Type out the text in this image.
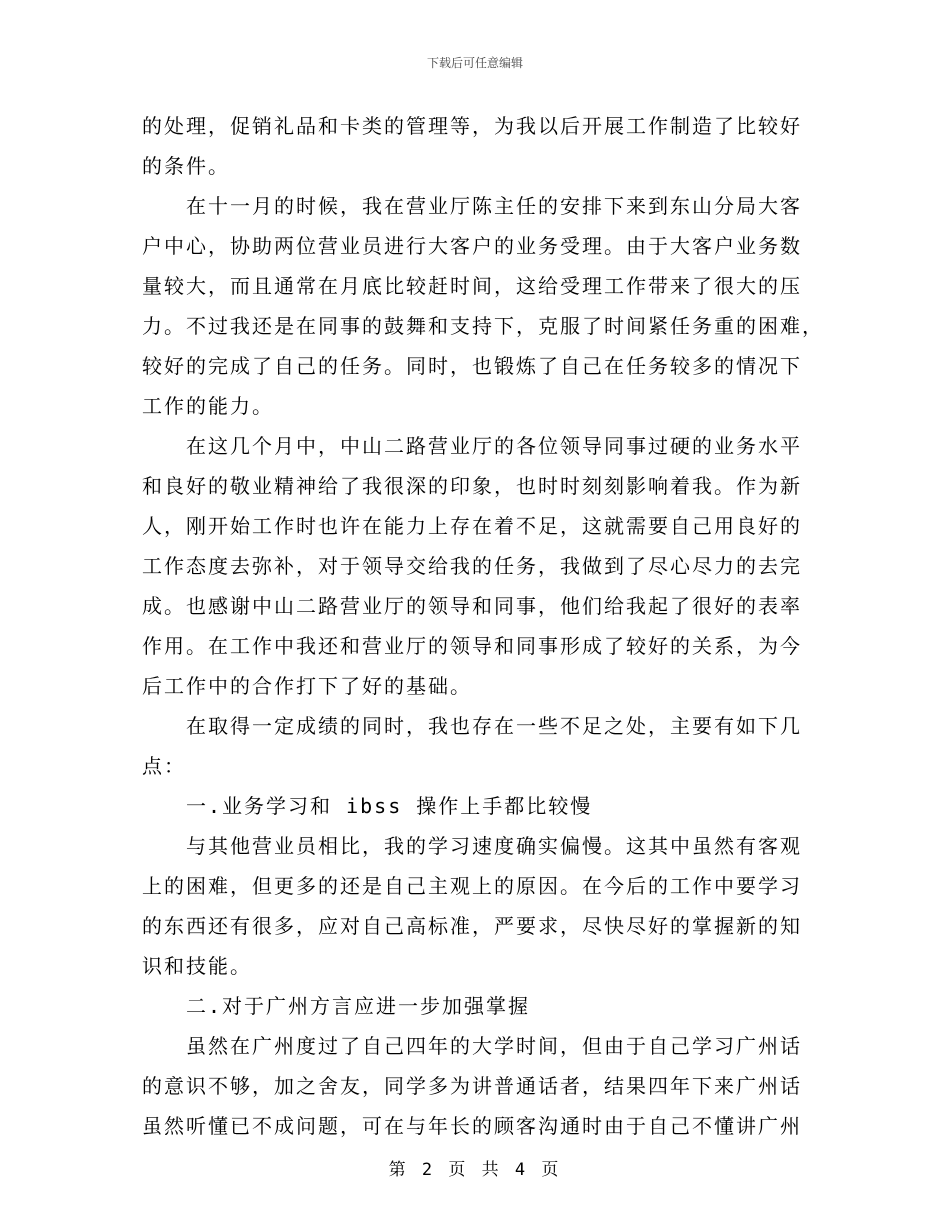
下载后可任意编辑
的处理，促销礼品和卡类的管理等，为我以后开展工作制造了比较好
的条件。
在十一月的时候，我在营业厅陈主任的安排下来到东山分局大客
户中心，协助两位营业员进行大客户的业务受理。由于大客户业务数
量较大，而且通常在月底比较赶时间，这给受理工作带来了很大的压
力。不过我还是在同事的鼓舞和支持下，克服了时间紧任务重的困难，
较好的完成了自己的任务。同时，也锻炼了自己在任务较多的情况下
工作的能力。
在这几个月中，中山二路营业厅的各位领导同事过硬的业务水平
和良好的敬业精神给了我很深的印象，也时时刻刻影响着我。作为新
人，刚开始工作时也许在能力上存在着不足，这就需要自己用良好的
工作态度去弥补，对于领导交给我的任务，我做到了尽心尽力的去完
成。也感谢中山二路营业厅的领导和同事，他们给我起了很好的表率
作用。在工作中我还和营业厅的领导和同事形成了较好的关系，为今
后工作中的合作打下了好的基础。
在取得一定成绩的同时，我也存在一些不足之处，主要有如下几
点：
一.业务学习和 ibss 操作上手都比较慢
与其他营业员相比，我的学习速度确实偏慢。这其中虽然有客观
上的困难，但更多的还是自己主观上的原因。在今后的工作中要学习
的东西还有很多，应对自己高标准，严要求，尽快尽好的掌握新的知
识和技能。
二.对于广州方言应进一步加强掌握
虽然在广州度过了自己四年的大学时间，但由于自己学习广州话
的意识不够，加之舍友，同学多为讲普通话者，结果四年下来广州话
虽然听懂已不成问题，可在与年长的顾客沟通时由于自己不懂讲广州
第 2 页 共 4 页
